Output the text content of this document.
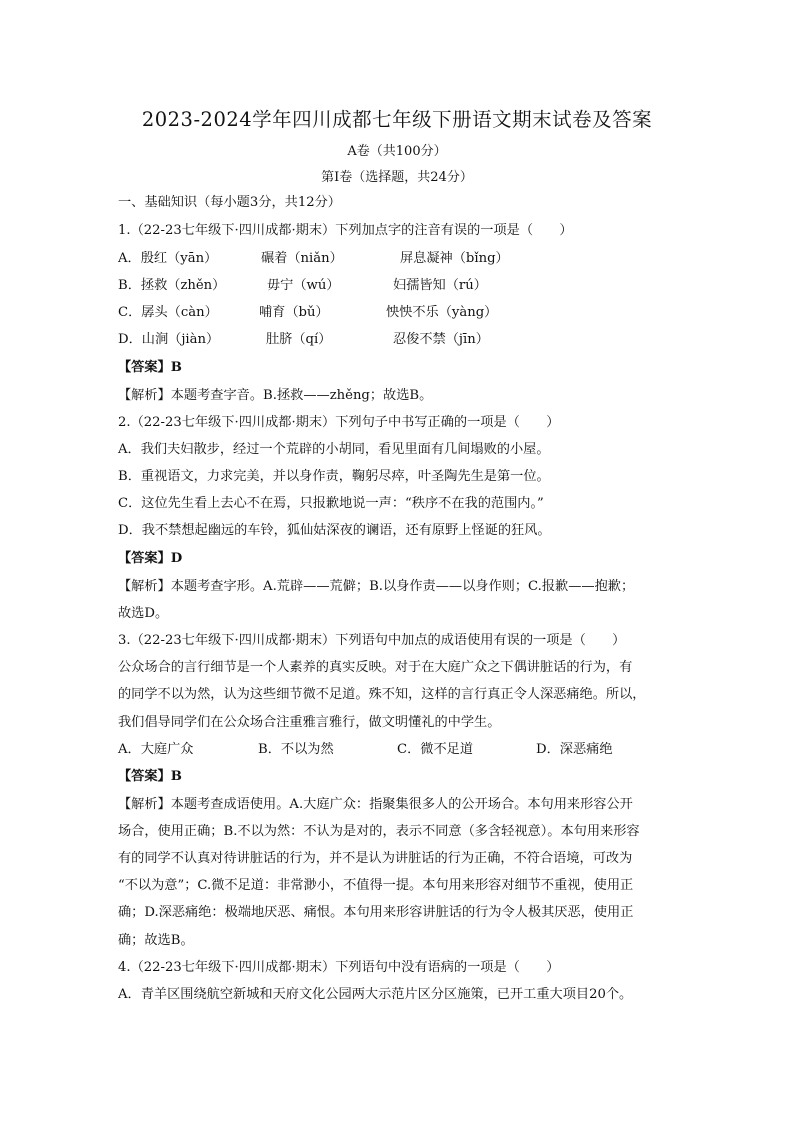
2023-2024学年四川成都七年级下册语文期末试卷及答案
A卷（共100分）
第Ⅰ卷（选择题，共24分）
一、基础知识（每小题3分，共12分）
1.（22-23七年级下·四川成都·期末）下列加点字的注音有误的一项是（　　）
A．殷红（yān）	碾着（niǎn）	屏息凝神（bǐng）
B．拯救（zhěn）	毋宁（wú）	妇孺皆知（rú）
C．孱头（càn）	哺育（bǔ）	怏怏不乐（yàng）
D．山涧（jiàn）	肚脐（qí）	忍俊不禁（jīn）
【答案】B
【解析】本题考查字音。B.拯救——zhěng；故选B。
2.（22-23七年级下·四川成都·期末）下列句子中书写正确的一项是（　　）
A．我们夫妇散步，经过一个荒辟的小胡同，看见里面有几间塌败的小屋。
B．重视语文，力求完美，并以身作责，鞠躬尽瘁，叶圣陶先生是第一位。
C．这位先生看上去心不在焉，只报歉地说一声：“秩序不在我的范围内。”
D．我不禁想起幽远的车铃，狐仙姑深夜的谰语，还有原野上怪诞的狂风。
【答案】D
【解析】本题考查字形。A.荒辟——荒僻；B.以身作责——以身作则；C.报歉——抱歉；
故选D。
3.（22-23七年级下·四川成都·期末）下列语句中加点的成语使用有误的一项是（　　）
公众场合的言行细节是一个人素养的真实反映。对于在大庭广众之下偶讲脏话的行为，有
的同学不以为然，认为这些细节微不足道。殊不知，这样的言行真正令人深恶痛绝。所以，
我们倡导同学们在公众场合注重雅言雅行，做文明懂礼的中学生。
A．大庭广众	B．不以为然	C．微不足道	D．深恶痛绝
【答案】B
【解析】本题考查成语使用。A.大庭广众：指聚集很多人的公开场合。本句用来形容公开
场合，使用正确；B.不以为然：不认为是对的，表示不同意（多含轻视意）。本句用来形容
有的同学不认真对待讲脏话的行为，并不是认为讲脏话的行为正确，不符合语境，可改为
“不以为意”；C.微不足道：非常渺小，不值得一提。本句用来形容对细节不重视，使用正
确；D.深恶痛绝：极端地厌恶、痛恨。本句用来形容讲脏话的行为令人极其厌恶，使用正
确；故选B。
4.（22-23七年级下·四川成都·期末）下列语句中没有语病的一项是（　　）
A．青羊区围绕航空新城和天府文化公园两大示范片区分区施策，已开工重大项目20个。
